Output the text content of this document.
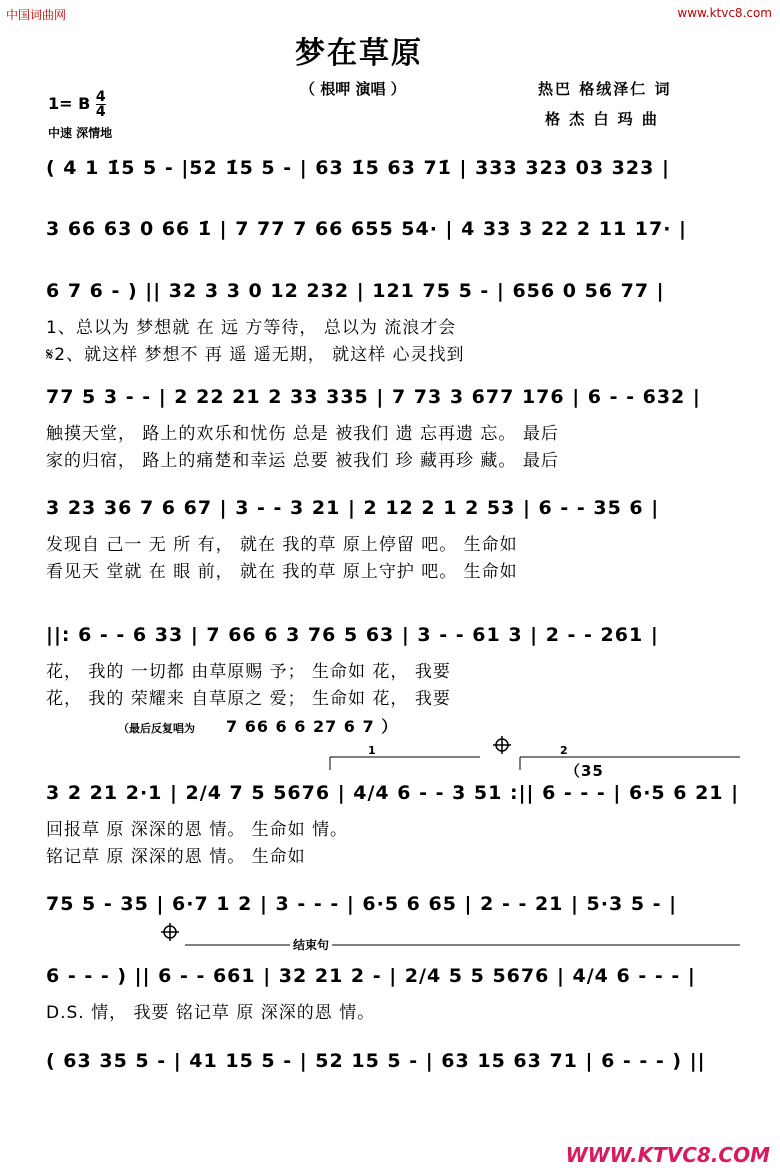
中国词曲网	www.ktvc8.com
WWW.KTVC8.COM
梦在草原
（ 根呷 演唱 ）	热巴 格绒泽仁 词
格 杰 白 玛 曲
1= B $\frac{4}{4}$
中速 深情地
( 4 1 1̇5 5 - |52 1̇5 5 - | 63 1̇5 63 71̇ | 333 323 03 323 |
3 66 63 0 66 1̇ | 7 77 7 66 655 54· | 4 33 3 22 2 11 17· |
6 7 6 - ) || 32 3 3 0 12 232 | 121 75 5 - | 656 0 56 77 |
1、总以为 梦想就 在 远 方等待， 总以为 流浪才会
𝄋2、就这样 梦想不 再 遥 遥无期， 就这样 心灵找到
77 5 3 - - | 2 22 21 2 33 335 | 7 73 3 677 176 | 6 - - 632 |
触摸天堂， 路上的欢乐和忧伤 总是 被我们 遗 忘再遗 忘。 最后
家的归宿， 路上的痛楚和幸运 总要 被我们 珍 藏再珍 藏。 最后
3 23 36 7 6 67 | 3 - - 3 21 | 2 12 2 1 2 53 | 6 - - 35 6 |
发现自 己一 无 所 有， 就在 我的草 原上停留 吧。 生命如
看见天 堂就 在 眼 前， 就在 我的草 原上守护 吧。 生命如
||: 6 - - 6 33 | 7 66 6 3 76 5 63 | 3 - - 61 3 | 2 - - 261 |
花， 我的 一切都 由草原赐 予； 生命如 花， 我要
花， 我的 荣耀来 自草原之 爱； 生命如 花， 我要
3 2 21 2·1 | 2/4 7 5 5676 | 4/4 6 - - 3 51 :|| 6 - - - | 6·5 6 21 |
回报草 原 深深的恩 情。 生命如 情。
铭记草 原 深深的恩 情。 生命如
75 5 - 35 | 6·7 1 2 | 3 - - - | 6·5 6 65 | 2 - - 21 | 5·3 5 - |
6 - - - ) || 6 - - 661 | 32 21 2 - | 2/4 5 5 5676 | 4/4 6 - - - |
D.S. 情， 我要 铭记草 原 深深的恩 情。
( 63 35 5 - | 41 15 5 - | 52 15 5 - | 63 15 63 71 | 6 - - - ) ||
（最后反复唱为 7 66 6 6 27 6 7 ）
1	2
（35
结束句
